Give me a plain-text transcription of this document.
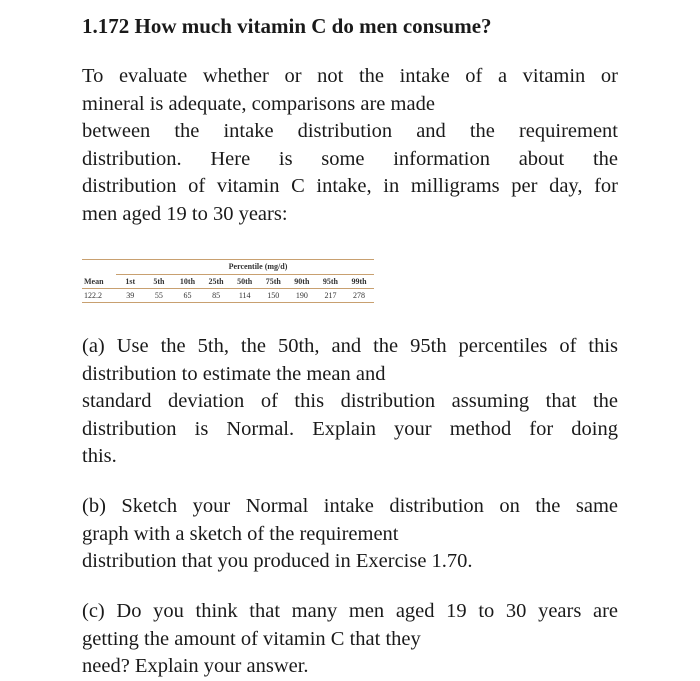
1.172 How much vitamin C do men consume?
To evaluate whether or not the intake of a vitamin or
mineral is adequate, comparisons are made
between the intake distribution and the requirement
distribution. Here is some information about the
distribution of vitamin C intake, in milligrams per day, for
men aged 19 to 30 years:
(a) Use the 5th, the 50th, and the 95th percentiles of this
distribution to estimate the mean and
standard deviation of this distribution assuming that the
distribution is Normal. Explain your method for doing
this.
(b) Sketch your Normal intake distribution on the same
graph with a sketch of the requirement
distribution that you produced in Exercise 1.70.
(c) Do you think that many men aged 19 to 30 years are
getting the amount of vitamin C that they
need? Explain your answer.
Percentile (mg/d)
Mean	1st	5th	10th	25th	50th	75th	90th	95th	99th
122.2	39	55	65	85	114	150	190	217	278
